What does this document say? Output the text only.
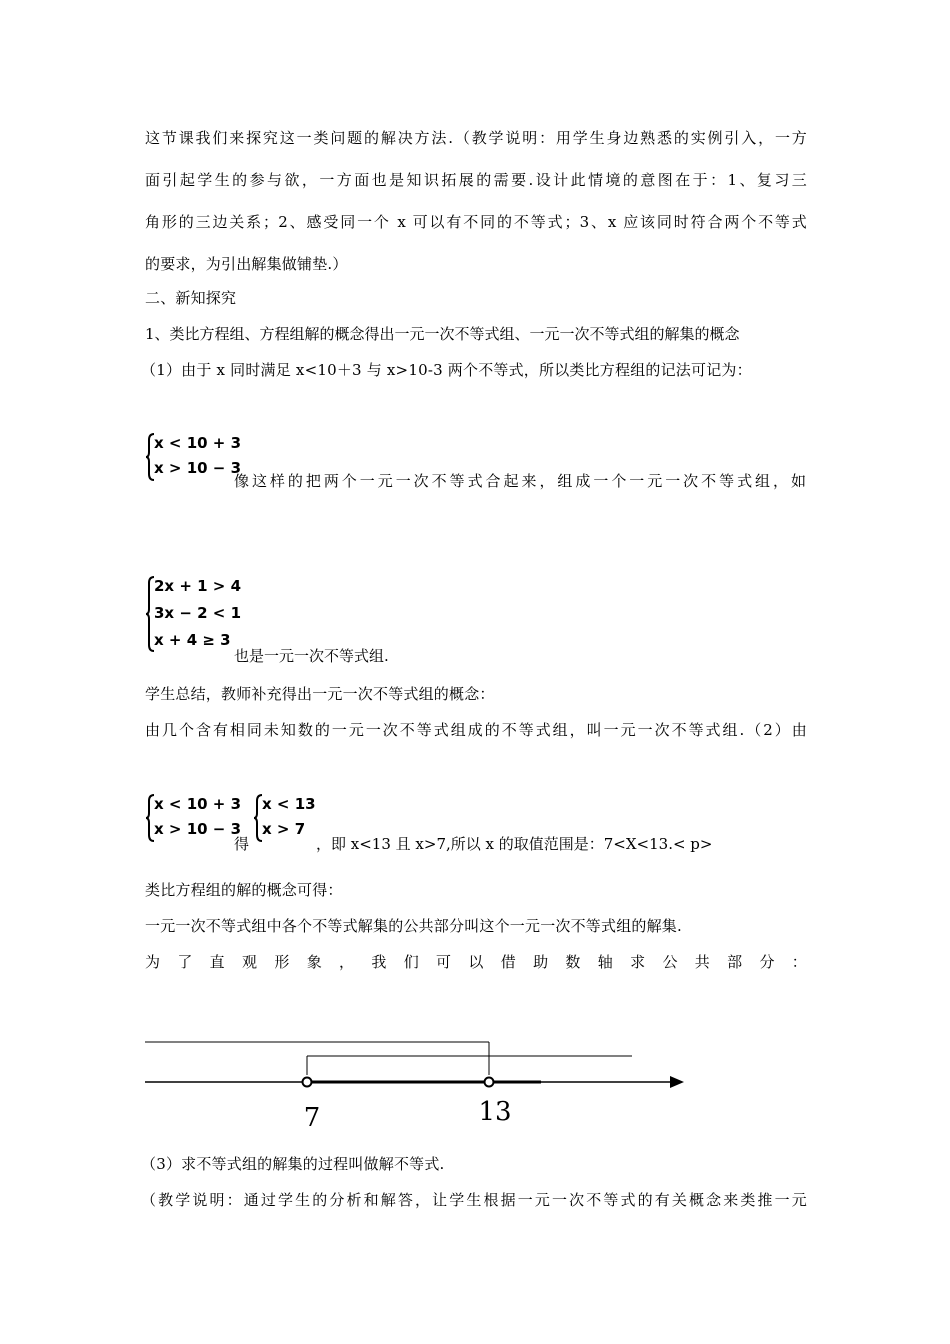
这节课我们来探究这一类问题的解决方法.（教学说明：用学生身边熟悉的实例引入，一方
面引起学生的参与欲，一方面也是知识拓展的需要.设计此情境的意图在于：1、复习三
角形的三边关系；2、感受同一个 x 可以有不同的不等式；3、x 应该同时符合两个不等式
的要求，为引出解集做铺垫.）
二、新知探究
1、类比方程组、方程组解的概念得出一元一次不等式组、一元一次不等式组的解集的概念
（1）由于 x 同时满足 x<10＋3 与 x>10-3 两个不等式，所以类比方程组的记法可记为：
x < 10 + 3
x > 10 − 3
像这样的把两个一元一次不等式合起来，组成一个一元一次不等式组，如
2x + 1 > 4
3x − 2 < 1
x + 4 ≥ 3
也是一元一次不等式组.
学生总结，教师补充得出一元一次不等式组的概念：
由几个含有相同未知数的一元一次不等式组成的不等式组，叫一元一次不等式组.（2）由
x < 10 + 3
x > 10 − 3
得
x < 13
x > 7
，即 x<13 且 x>7,所以 x 的取值范围是：7<X<13.< p>
类比方程组的解的概念可得：
一元一次不等式组中各个不等式解集的公共部分叫这个一元一次不等式组的解集.
为了直观形象，我们可以借助数轴求公共部分：
7	13
（3）求不等式组的解集的过程叫做解不等式.
（教学说明：通过学生的分析和解答，让学生根据一元一次不等式的有关概念来类推一元
